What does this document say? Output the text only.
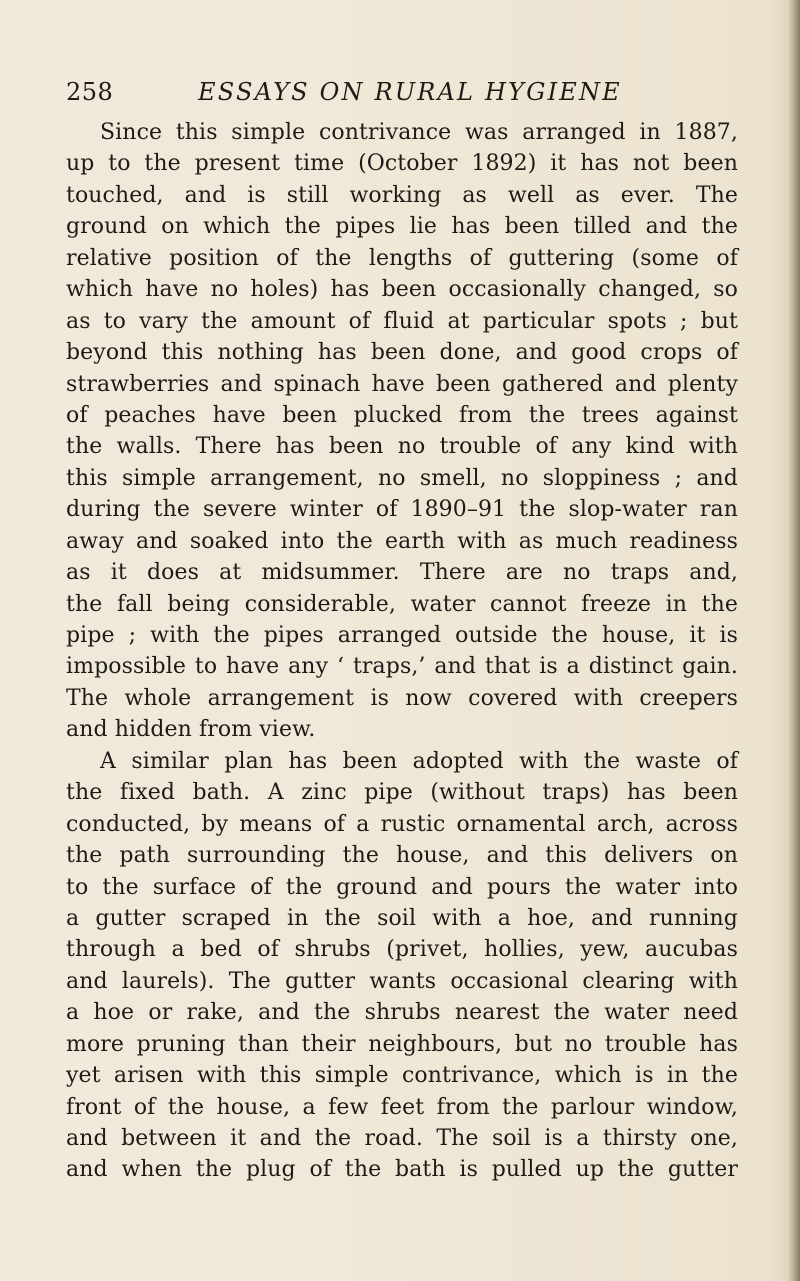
258	ESSAYS ON RURAL HYGIENE
Since this simple contrivance was arranged in 1887,
up to the present time (October 1892) it has not been
touched, and is still working as well as ever. The
ground on which the pipes lie has been tilled and the
relative position of the lengths of guttering (some of
which have no holes) has been occasionally changed, so
as to vary the amount of fluid at particular spots ; but
beyond this nothing has been done, and good crops of
strawberries and spinach have been gathered and plenty
of peaches have been plucked from the trees against
the walls. There has been no trouble of any kind with
this simple arrangement, no smell, no sloppiness ; and
during the severe winter of 1890–91 the slop-water ran
away and soaked into the earth with as much readiness
as it does at midsummer. There are no traps and,
the fall being considerable, water cannot freeze in the
pipe ; with the pipes arranged outside the house, it is
impossible to have any ‘ traps,’ and that is a distinct gain.
The whole arrangement is now covered with creepers
and hidden from view.
A similar plan has been adopted with the waste of
the fixed bath. A zinc pipe (without traps) has been
conducted, by means of a rustic ornamental arch, across
the path surrounding the house, and this delivers on
to the surface of the ground and pours the water into
a gutter scraped in the soil with a hoe, and running
through a bed of shrubs (privet, hollies, yew, aucubas
and laurels). The gutter wants occasional clearing with
a hoe or rake, and the shrubs nearest the water need
more pruning than their neighbours, but no trouble has
yet arisen with this simple contrivance, which is in the
front of the house, a few feet from the parlour window,
and between it and the road. The soil is a thirsty one,
and when the plug of the bath is pulled up the gutter
